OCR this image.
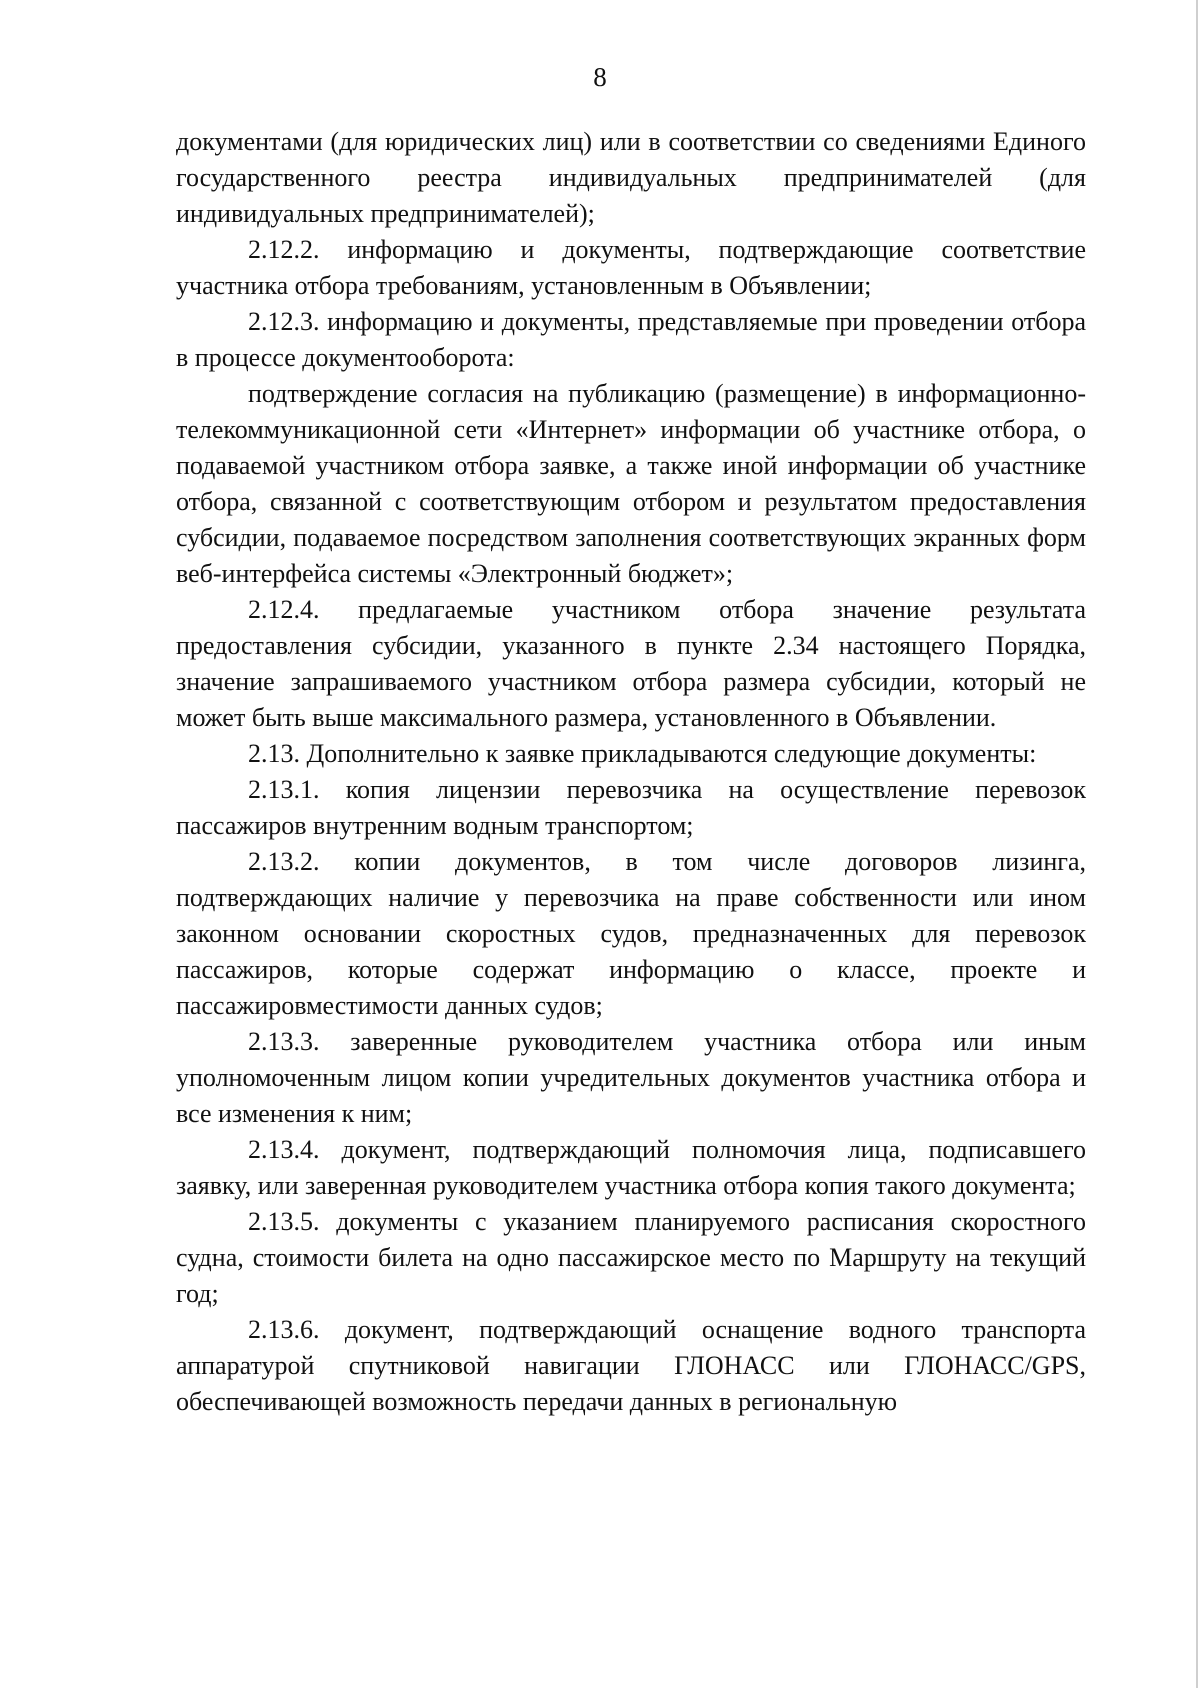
8

документами (для юридических лиц) или в соответствии со сведениями Единого государственного реестра индивидуальных предпринимателей (для индивидуальных предпринимателей);

2.12.2. информацию и документы, подтверждающие соответствие участника отбора требованиям, установленным в Объявлении;

2.12.3. информацию и документы, представляемые при проведении отбора в процессе документооборота:

подтверждение согласия на публикацию (размещение) в информационно-телекоммуникационной сети «Интернет» информации об участнике отбора, о подаваемой участником отбора заявке, а также иной информации об участнике отбора, связанной с соответствующим отбором и результатом предоставления субсидии, подаваемое посредством заполнения соответствующих экранных форм веб-интерфейса системы «Электронный бюджет»;

2.12.4. предлагаемые участником отбора значение результата предоставления субсидии, указанного в пункте 2.34 настоящего Порядка, значение запрашиваемого участником отбора размера субсидии, который не может быть выше максимального размера, установленного в Объявлении.

2.13. Дополнительно к заявке прикладываются следующие документы:

2.13.1. копия лицензии перевозчика на осуществление перевозок пассажиров внутренним водным транспортом;

2.13.2. копии документов, в том числе договоров лизинга, подтверждающих наличие у перевозчика на праве собственности или ином законном основании скоростных судов, предназначенных для перевозок пассажиров, которые содержат информацию о классе, проекте и пассажировместимости данных судов;

2.13.3. заверенные руководителем участника отбора или иным уполномоченным лицом копии учредительных документов участника отбора и все изменения к ним;

2.13.4. документ, подтверждающий полномочия лица, подписавшего заявку, или заверенная руководителем участника отбора копия такого документа;

2.13.5. документы с указанием планируемого расписания скоростного судна, стоимости билета на одно пассажирское место по Маршруту на текущий год;

2.13.6. документ, подтверждающий оснащение водного транспорта аппаратурой спутниковой навигации ГЛОНАСС или ГЛОНАСС/GPS, обеспечивающей возможность передачи данных в региональную
